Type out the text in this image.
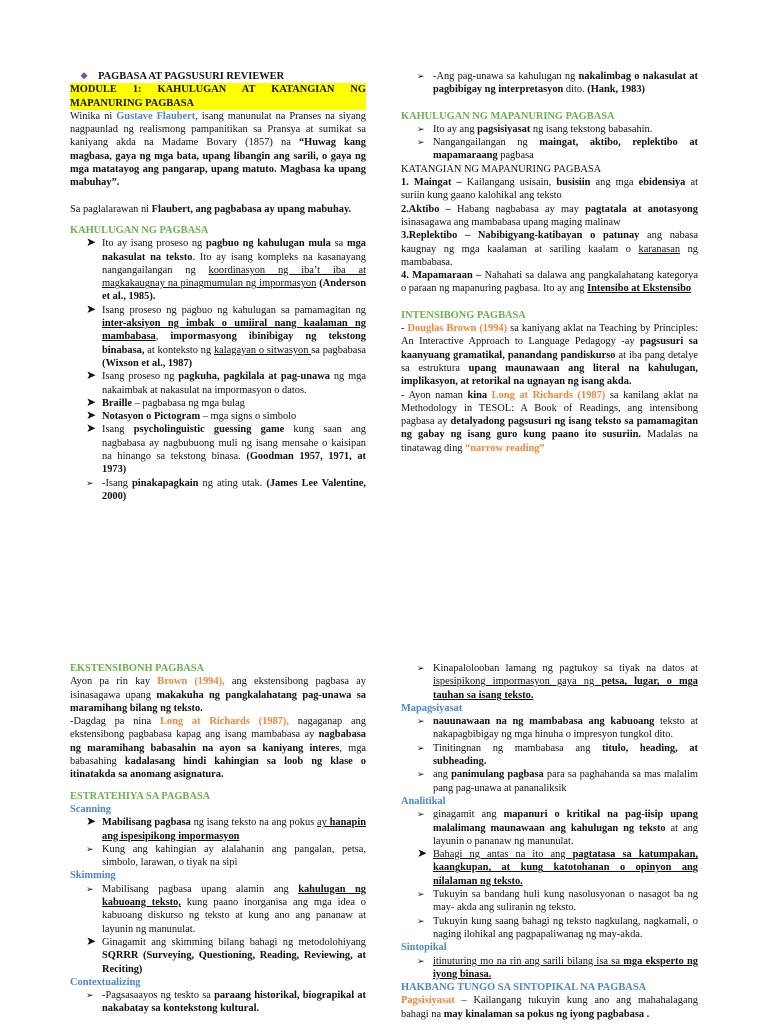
❖ PAGBASA AT PAGSUSURI REVIEWER
MODULE 1: KAHULUGAN AT KATANGIAN NG MAPANURING PAGBASA

Winika ni Gustave Flaubert, isang manunulat na Pranses na siyang nagpaunlad ng realismong pampanitikan sa Pransya at sumikat sa kaniyang akda na Madame Bovary (1857) na “Huwag kang magbasa, gaya ng mga bata, upang libangin ang sarili, o gaya ng mga matatayog ang pangarap, upang matuto. Magbasa ka upang mabuhay”.

Sa paglalarawan ni Flaubert, ang pagbabasa ay upang mabuhay.

KAHULUGAN NG PAGBASA
➤ Ito ay isang proseso ng pagbuo ng kahulugan mula sa mga nakasulat na teksto. Ito ay isang kompleks na kasanayang nangangailangan ng koordinasyon ng iba’t iba at magkakaugnay na pinagmumulan ng impormasyon (Anderson et al., 1985).
➤ Isang proseso ng pagbuo ng kahulugan sa pamamagitan ng inter-aksiyon ng imbak o umiiral nang kaalaman ng mambabasa, impormasyong ibinibigay ng tekstong binabasa, at konteksto ng kalagayan o sitwasyon sa pagbabasa (Wixson et al., 1987)
➤ Isang proseso ng pagkuha, pagkilala at pag-unawa ng mga nakaimbak at nakasulat na impormasyon o datos.
➤ Braille – pagbabasa ng mga bulag
➤ Notasyon o Pictogram – mga signs o simbolo
➤ Isang psycholinguistic guessing game kung saan ang nagbabasa ay nagbubuong muli ng isang mensahe o kaisipan na hinango sa tekstong binasa. (Goodman 1957, 1971, at 1973)
➢ -Isang pinakapagkain ng ating utak. (James Lee Valentine, 2000)
➢ -Ang pag-unawa sa kahulugan ng nakalimbag o nakasulat at pagbibigay ng interpretasyon dito. (Hank, 1983)
KAHULUGAN NG MAPANURING PAGBASA
➢ Ito ay ang pagsisiyasat ng isang tekstong babasahin.
➢ Nangangailangan ng maingat, aktibo, replektibo at mapamaraang pagbasa

KATANGIAN NG MAPANURING PAGBASA

1. Maingat – Kailangang usisain, busisiin ang mga ebidensiya at suriin kung gaano kalohikal ang teksto

2.Aktibo – Habang nagbabasa ay may pagtatala at anotasyong isinasagawa ang mambabasa upang maging malinaw

3.Replektibo – Nabibigyang-katibayan o patunay ang nabasa kaugnay ng mga kaalaman at sariling kaalam o karanasan ng mambabasa.

4. Mapamaraan – Nahahati sa dalawa ang pangkalahatang kategorya o paraan ng mapanuring pagbasa. Ito ay ang Intensibo at Ekstensibo

INTENSIBONG PAGBASA

- Douglas Brown (1994) sa kaniyang aklat na Teaching by Principles: An Interactive Approach to Language Pedagogy -ay pagsusuri sa kaanyuang gramatikal, panandang pandiskurso at iba pang detalye sa estruktura upang maunawaan ang literal na kahulugan, implikasyon, at retorikal na ugnayan ng isang akda.

- Ayon naman kina Long at Richards (1987) sa kanilang aklat na Methodology in TESOL: A Book of Readings, ang intensibong pagbasa ay detalyadong pagsusuri ng isang teksto sa pamamagitan ng gabay ng isang guro kung paano ito susuriin. Madalas na tinatawag ding “narrow reading”

EKSTENSIBONH PAGBASA

Ayon pa rin kay Brown (1994), ang ekstensibong pagbasa ay isinasagawa upang makakuha ng pangkalahatang pag-unawa sa maramihang bilang ng teksto.

-Dagdag pa nina Long at Richards (1987), nagaganap ang ekstensibong pagbabasa kapag ang isang mambabasa ay nagbabasa ng maramihang babasahin na ayon sa kaniyang interes, mga babasahing kadalasang hindi kahingian sa loob ng klase o itinatakda sa anomang asignatura.

ESTRATEHIYA SA PAGBASA
Scanning
➤ Mabilisang pagbasa ng isang teksto na ang pokus ay hanapin ang ispesipikong impormasyon
➢ Kung ang kahingian ay alalahanin ang pangalan, petsa, simbolo, larawan, o tiyak na sipi
Skimming
➢ Mabilisang pagbasa upang alamin ang kahulugan ng kabuoang teksto, kung paano inorganisa ang mga idea o kabuoang diskurso ng teksto at kung ano ang pananaw at layunin ng manunulat.
➤ Ginagamit ang skimming bilang bahagi ng metodolohiyang SQRRR (Surveying, Questioning, Reading, Reviewing, at Reciting)
Contextualizing
➢ -Pagsasaayos ng teskto sa paraang historikal, biograpikal at nakabatay sa kontekstong kultural.
➢ Kinapalolooban lamang ng pagtukoy sa tiyak na datos at ispesipikong impormasyon gaya ng petsa, lugar, o mga tauhan sa isang teksto.
Mapagsiyasat
➢ nauunawaan na ng mambabasa ang kabuoang teksto at nakapagbibigay ng mga hinuha o impresyon tungkol dito.
➢ Tinitingnan ng mambabasa ang titulo, heading, at subheading.
➢ ang panimulang pagbasa para sa paghahanda sa mas malalim pang pag-unawa at pananaliksik
Analitikal
➢ ginagamit ang mapanuri o kritikal na pag-iisip upang malalimang maunawaan ang kahulugan ng teksto at ang layunin o pananaw ng manunulat.
➤ Bahagi ng antas na ito ang pagtatasa sa katumpakan, kaangkupan, at kung katotohanan o opinyon ang nilalaman ng teksto.
➢ Tukuyin sa bandang huli kung nasolusyonan o nasagot ba ng may- akda ang suliranin ng teksto.
➢ Tukuyin kung saang bahagi ng teksto nagkulang, nagkamali, o naging ilohikal ang pagpapaliwanag ng may-akda.
Sintopikal
➢ itinuturing mo na rin ang sarili bilang isa sa mga eksperto ng iyong binasa.
HAKBANG TUNGO SA SINTOPIKAL NA PAGBASA

Pagsisiyasat – Kailangang tukuyin kung ano ang mahahalagang bahagi na may kinalaman sa pokus ng iyong pagbabasa .
